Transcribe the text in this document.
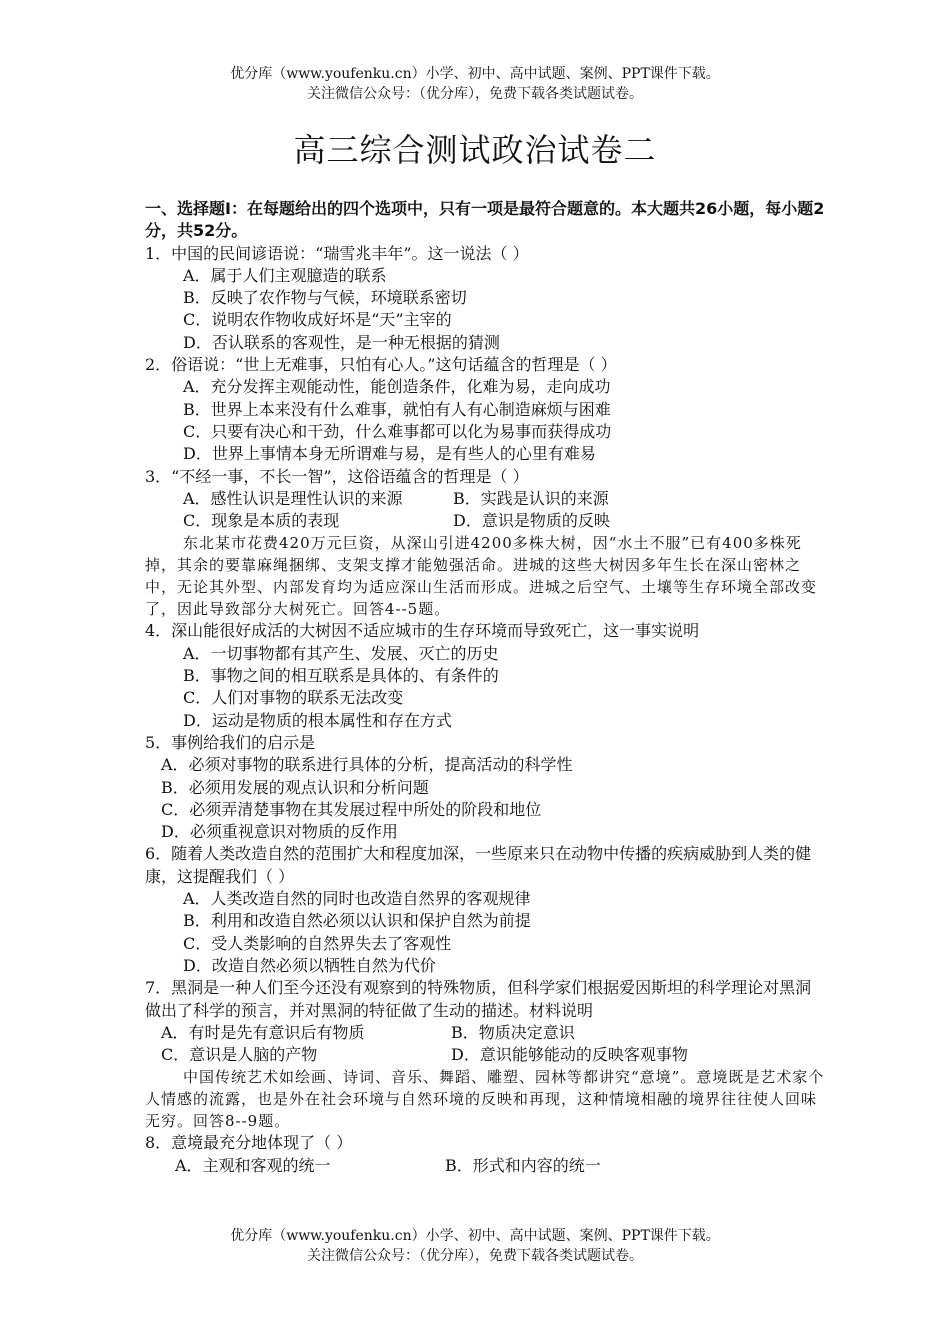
优分库（www.youfenku.cn）小学、初中、高中试题、案例、PPT课件下载。
关注微信公众号：（优分库），免费下载各类试题试卷。
高三综合测试政治试卷二

一、选择题Ⅰ：在每题给出的四个选项中，只有一项是最符合题意的。本大题共26小题，每小题2分，共52分。

1．中国的民间谚语说：“瑞雪兆丰年”。这一说法（ ）

A．属于人们主观臆造的联系

B．反映了农作物与气候，环境联系密切

C．说明农作物收成好坏是“天”主宰的

D．否认联系的客观性，是一种无根据的猜测

2．俗语说：“世上无难事，只怕有心人。”这句话蕴含的哲理是（ ）

A．充分发挥主观能动性，能创造条件，化难为易，走向成功

B．世界上本来没有什么难事，就怕有人有心制造麻烦与困难

C．只要有决心和干劲，什么难事都可以化为易事而获得成功

D．世界上事情本身无所谓难与易，是有些人的心里有难易

3．“不经一事，不长一智”，这俗语蕴含的哲理是（ ）

A．感性认识是理性认识的来源	B．实践是认识的来源
C．现象是本质的表现	D．意识是物质的反映

东北某市花费420万元巨资，从深山引进4200多株大树，因“水土不服”已有400多株死掉，其余的要靠麻绳捆绑、支架支撑才能勉强活命。进城的这些大树因多年生长在深山密林之中，无论其外型、内部发育均为适应深山生活而形成。进城之后空气、土壤等生存环境全部改变了，因此导致部分大树死亡。回答4--5题。

4．深山能很好成活的大树因不适应城市的生存环境而导致死亡，这一事实说明

A．一切事物都有其产生、发展、灭亡的历史

B．事物之间的相互联系是具体的、有条件的

C．人们对事物的联系无法改变

D．运动是物质的根本属性和存在方式

5．事例给我们的启示是

A．必须对事物的联系进行具体的分析，提高活动的科学性

B．必须用发展的观点认识和分析问题

C．必须弄清楚事物在其发展过程中所处的阶段和地位

D．必须重视意识对物质的反作用

6．随着人类改造自然的范围扩大和程度加深，一些原来只在动物中传播的疾病威胁到人类的健康，这提醒我们（ ）

A．人类改造自然的同时也改造自然界的客观规律

B．利用和改造自然必须以认识和保护自然为前提

C．受人类影响的自然界失去了客观性

D．改造自然必须以牺牲自然为代价

7．黑洞是一种人们至今还没有观察到的特殊物质，但科学家们根据爱因斯坦的科学理论对黑洞做出了科学的预言，并对黑洞的特征做了生动的描述。材料说明

A．有时是先有意识后有物质	B．物质决定意识
C．意识是人脑的产物	D．意识能够能动的反映客观事物

中国传统艺术如绘画、诗词、音乐、舞蹈、雕塑、园林等都讲究“意境”。意境既是艺术家个人情感的流露，也是外在社会环境与自然环境的反映和再现，这种情境相融的境界往往使人回味无穷。回答8--9题。

8．意境最充分地体现了（ ）

A．主观和客观的统一	B．形式和内容的统一
优分库（www.youfenku.cn）小学、初中、高中试题、案例、PPT课件下载。
关注微信公众号：（优分库），免费下载各类试题试卷。
